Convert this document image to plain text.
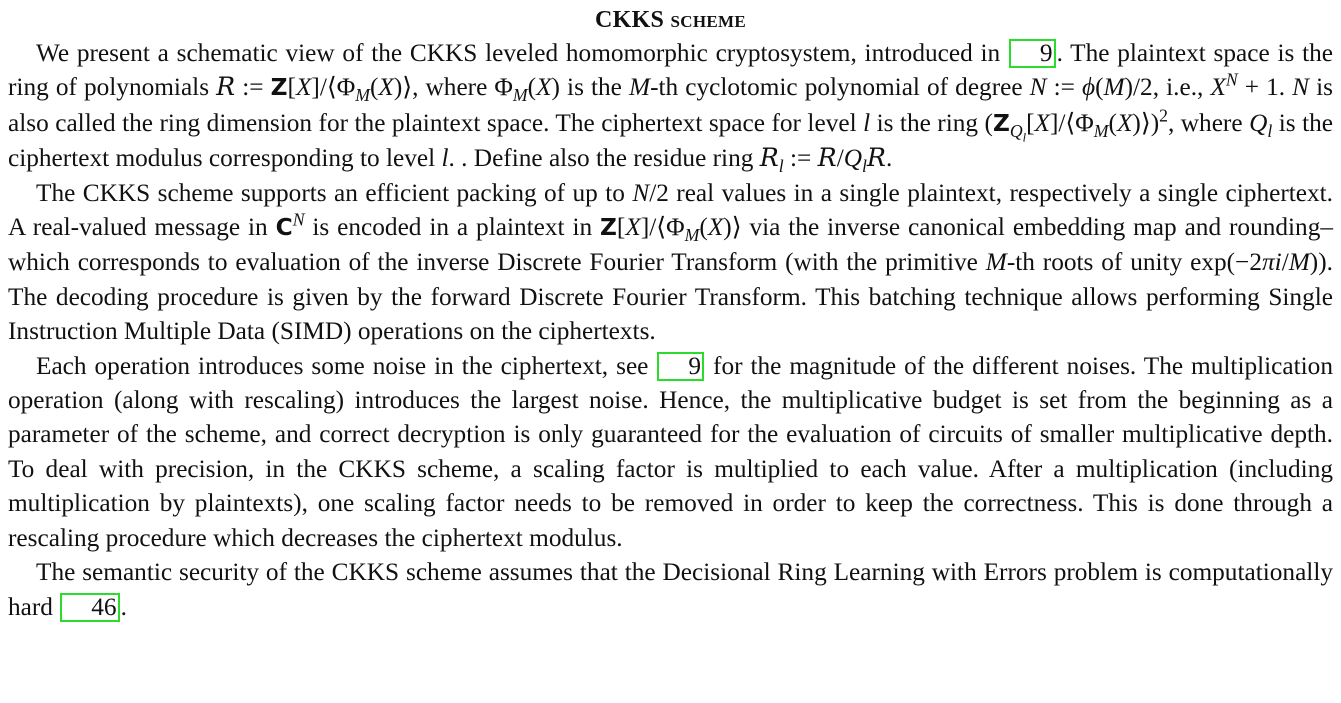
CKKS scheme

We present a schematic view of the CKKS leveled homomorphic cryptosystem, introduced in 9 . The plaintext space is the ring of polynomials R := $Z[X]/⟨\Phi_M(X)⟩$, where $\Phi_M(X)$ is the M-th cyclotomic polynomial of degree N := ϕ(M)/2, i.e., $X^N + 1$. N is also called the ring dimension for the plaintext space. The ciphertext space for level l is the ring $(Z_{Q_l}[X]/⟨\Phi_M(X)⟩)^2$, where $Q_l$ is the ciphertext modulus corresponding to level l. . Define also the residue ring $R_l$ := $R/Q_lR$.

The CKKS scheme supports an efficient packing of up to N/2 real values in a single plaintext, respectively a single ciphertext. A real-valued message in $C^N$ is encoded in a plaintext in $Z[X]/⟨\Phi_M(X)⟩$ via the inverse canonical embedding map and rounding–which corresponds to evaluation of the inverse Discrete Fourier Transform (with the primitive M-th roots of unity exp(−2πi/M)). The decoding procedure is given by the forward Discrete Fourier Transform. This batching technique allows performing Single Instruction Multiple Data (SIMD) operations on the ciphertexts.

Each operation introduces some noise in the ciphertext, see 9 for the magnitude of the different noises. The multiplication operation (along with rescaling) introduces the largest noise. Hence, the multiplicative budget is set from the beginning as a parameter of the scheme, and correct decryption is only guaranteed for the evaluation of circuits of smaller multiplicative depth. To deal with precision, in the CKKS scheme, a scaling factor is multiplied to each value. After a multiplication (including multiplication by plaintexts), one scaling factor needs to be removed in order to keep the correctness. This is done through a rescaling procedure which decreases the ciphertext modulus.

The semantic security of the CKKS scheme assumes that the Decisional Ring Learning with Errors problem is computationally hard 46 .
